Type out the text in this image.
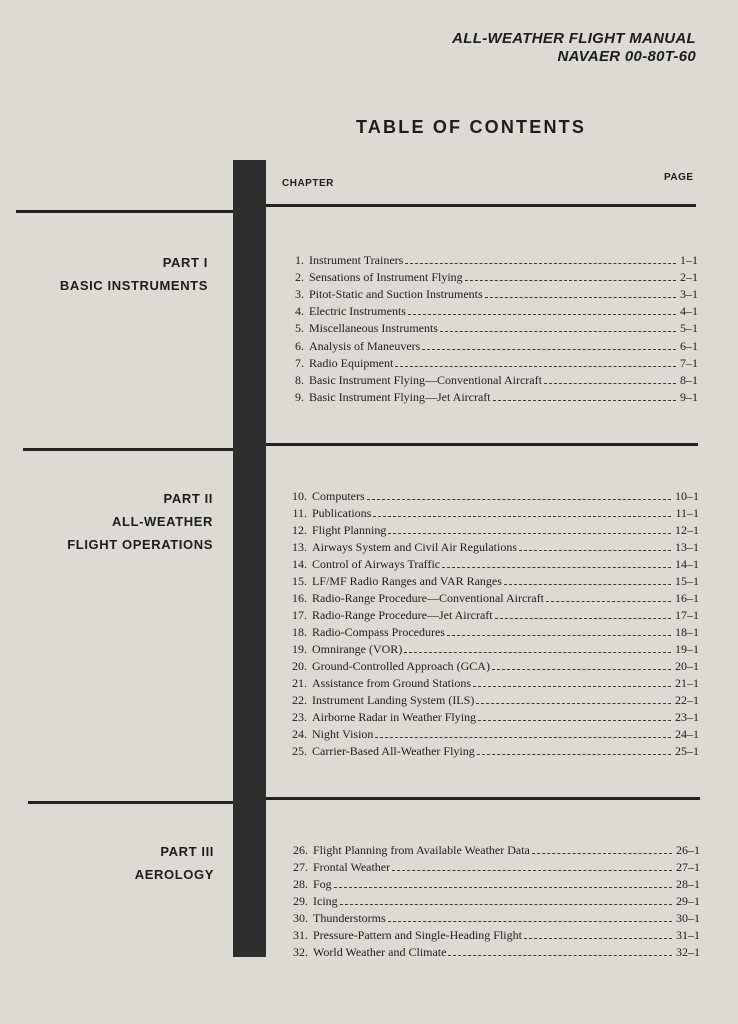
ALL-WEATHER FLIGHT MANUAL
NAVAER 00-80T-60
TABLE OF CONTENTS
CHAPTER
PAGE
PART I
BASIC INSTRUMENTS
PART II
ALL-WEATHER
FLIGHT OPERATIONS
PART III
AEROLOGY
1. Instrument Trainers	1–1
2. Sensations of Instrument Flying	2–1
3. Pitot-Static and Suction Instruments	3–1
4. Electric Instruments	4–1
5. Miscellaneous Instruments	5–1
6. Analysis of Maneuvers	6–1
7. Radio Equipment	7–1
8. Basic Instrument Flying—Conventional Aircraft	8–1
9. Basic Instrument Flying—Jet Aircraft	9–1
10. Computers	10–1
11. Publications	11–1
12. Flight Planning	12–1
13. Airways System and Civil Air Regulations	13–1
14. Control of Airways Traffic	14–1
15. LF/MF Radio Ranges and VAR Ranges	15–1
16. Radio-Range Procedure—Conventional Aircraft	16–1
17. Radio-Range Procedure—Jet Aircraft	17–1
18. Radio-Compass Procedures	18–1
19. Omnirange (VOR)	19–1
20. Ground-Controlled Approach (GCA)	20–1
21. Assistance from Ground Stations	21–1
22. Instrument Landing System (ILS)	22–1
23. Airborne Radar in Weather Flying	23–1
24. Night Vision	24–1
25. Carrier-Based All-Weather Flying	25–1
26. Flight Planning from Available Weather Data	26–1
27. Frontal Weather	27–1
28. Fog	28–1
29. Icing	29–1
30. Thunderstorms	30–1
31. Pressure-Pattern and Single-Heading Flight	31–1
32. World Weather and Climate	32–1
